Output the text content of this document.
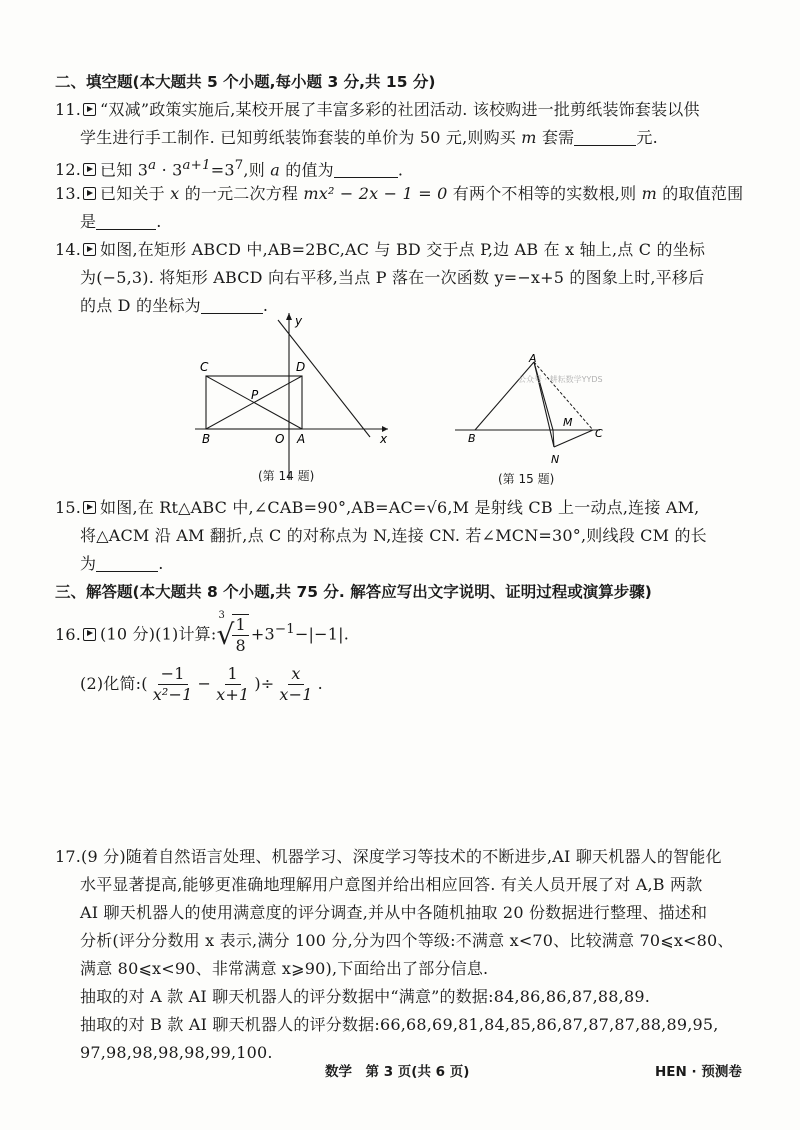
二、填空题(本大题共 5 个小题,每小题 3 分,共 15 分)
11. “双减”政策实施后,某校开展了丰富多彩的社团活动. 该校购进一批剪纸装饰套装以供
学生进行手工制作. 已知剪纸装饰套装的单价为 50 元,则购买 m 套需	元.
12. 已知 $3^a \cdot 3^{a+1}=3^7$,则 a 的值为	.
13. 已知关于 x 的一元二次方程 mx² − 2x − 1 = 0 有两个不相等的实数根,则 m 的取值范围
是	.
14. 如图,在矩形 ABCD 中,AB=2BC,AC 与 BD 交于点 P,边 AB 在 x 轴上,点 C 的坐标
为(−5,3). 将矩形 ABCD 向右平移,当点 P 落在一次函数 y=−x+5 的图象上时,平移后
的点 D 的坐标为	.
C	D
P
B	O A	x
y
(第 14 题)
A
B
M
C
N
公众号 · 耕耘数学YYDS
(第 15 题)
15. 如图,在 Rt△ABC 中,∠CAB=90°,AB=AC=√6,M 是射线 CB 上一动点,连接 AM,
将△ACM 沿 AM 翻折,点 C 的对称点为 N,连接 CN. 若∠MCN=30°,则线段 CM 的长
为	.
三、解答题(本大题共 8 个小题,共 75 分. 解答应写出文字说明、证明过程或演算步骤)
16. (10 分)(1)计算:
3
√
$\frac{1}{8} +3^{-1}-|-1|$.
(2)化简:( $\frac{-1}{\text{x²−1}} - \frac{1}{x+1}$ )÷ $\frac{x}{x-1}$ .
17.(9 分)随着自然语言处理、机器学习、深度学习等技术的不断进步,AI 聊天机器人的智能化
水平显著提高,能够更准确地理解用户意图并给出相应回答. 有关人员开展了对 A,B 两款
AI 聊天机器人的使用满意度的评分调查,并从中各随机抽取 20 份数据进行整理、描述和
分析(评分分数用 x 表示,满分 100 分,分为四个等级:不满意 x<70、比较满意 70⩽x<80、
满意 80⩽x<90、非常满意 x⩾90),下面给出了部分信息.
抽取的对 A 款 AI 聊天机器人的评分数据中“满意”的数据:84,86,86,87,88,89.
抽取的对 B 款 AI 聊天机器人的评分数据:66,68,69,81,84,85,86,87,87,87,88,89,95,
97,98,98,98,98,99,100.
数学　第 3 页(共 6 页)	HEN · 预测卷
